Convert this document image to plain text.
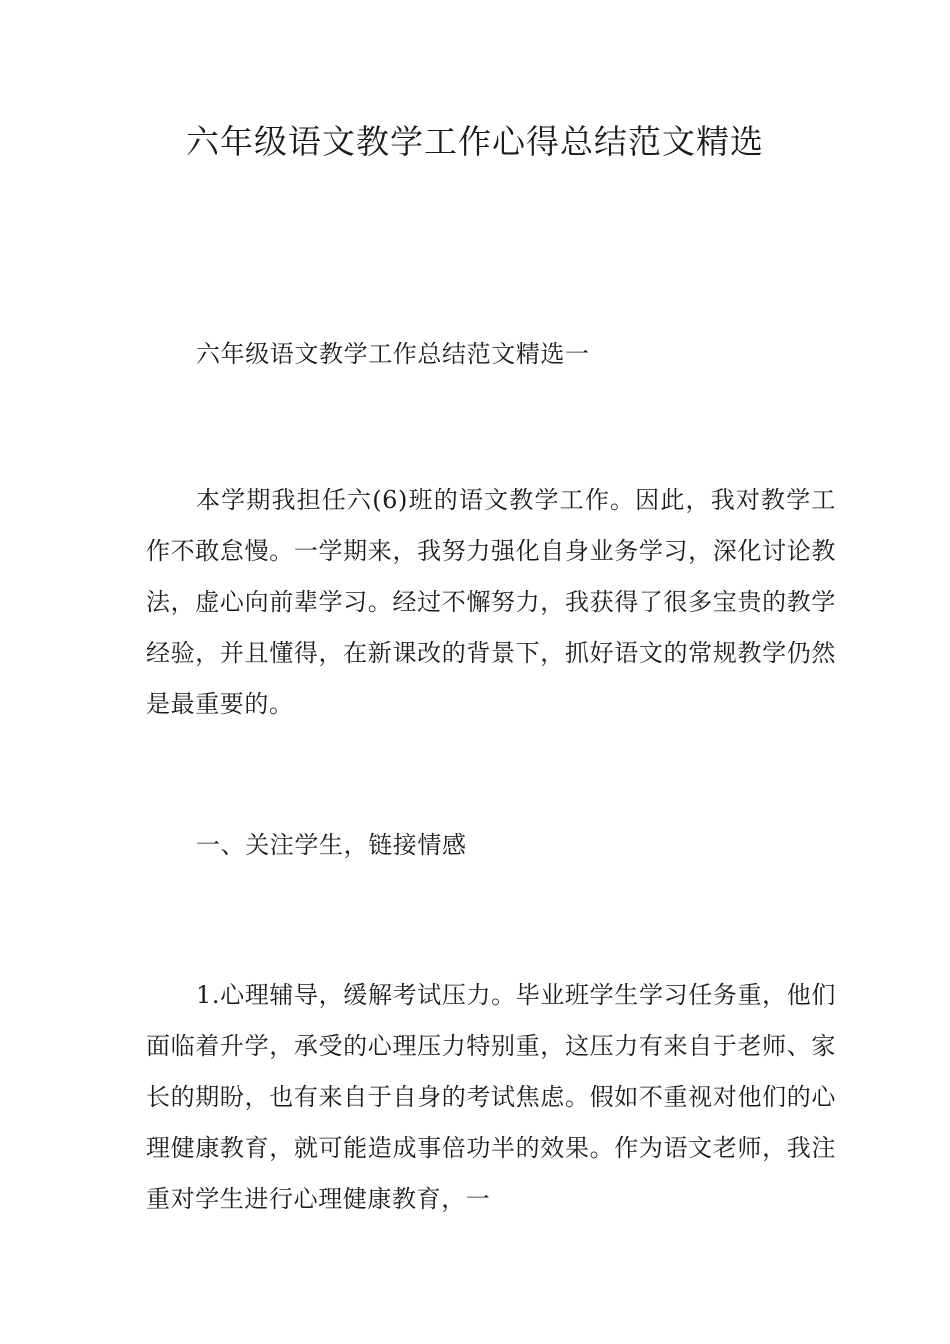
六年级语文教学工作心得总结范文精选

六年级语文教学工作总结范文精选一

本学期我担任六(6)班的语文教学工作。因此，我对教学工作不敢怠慢。一学期来，我努力强化自身业务学习，深化讨论教法，虚心向前辈学习。经过不懈努力，我获得了很多宝贵的教学经验，并且懂得，在新课改的背景下，抓好语文的常规教学仍然是最重要的。

一、关注学生，链接情感

1.心理辅导，缓解考试压力。毕业班学生学习任务重，他们面临着升学，承受的心理压力特别重，这压力有来自于老师、家长的期盼，也有来自于自身的考试焦虑。假如不重视对他们的心理健康教育，就可能造成事倍功半的效果。作为语文老师，我注重对学生进行心理健康教育，一
